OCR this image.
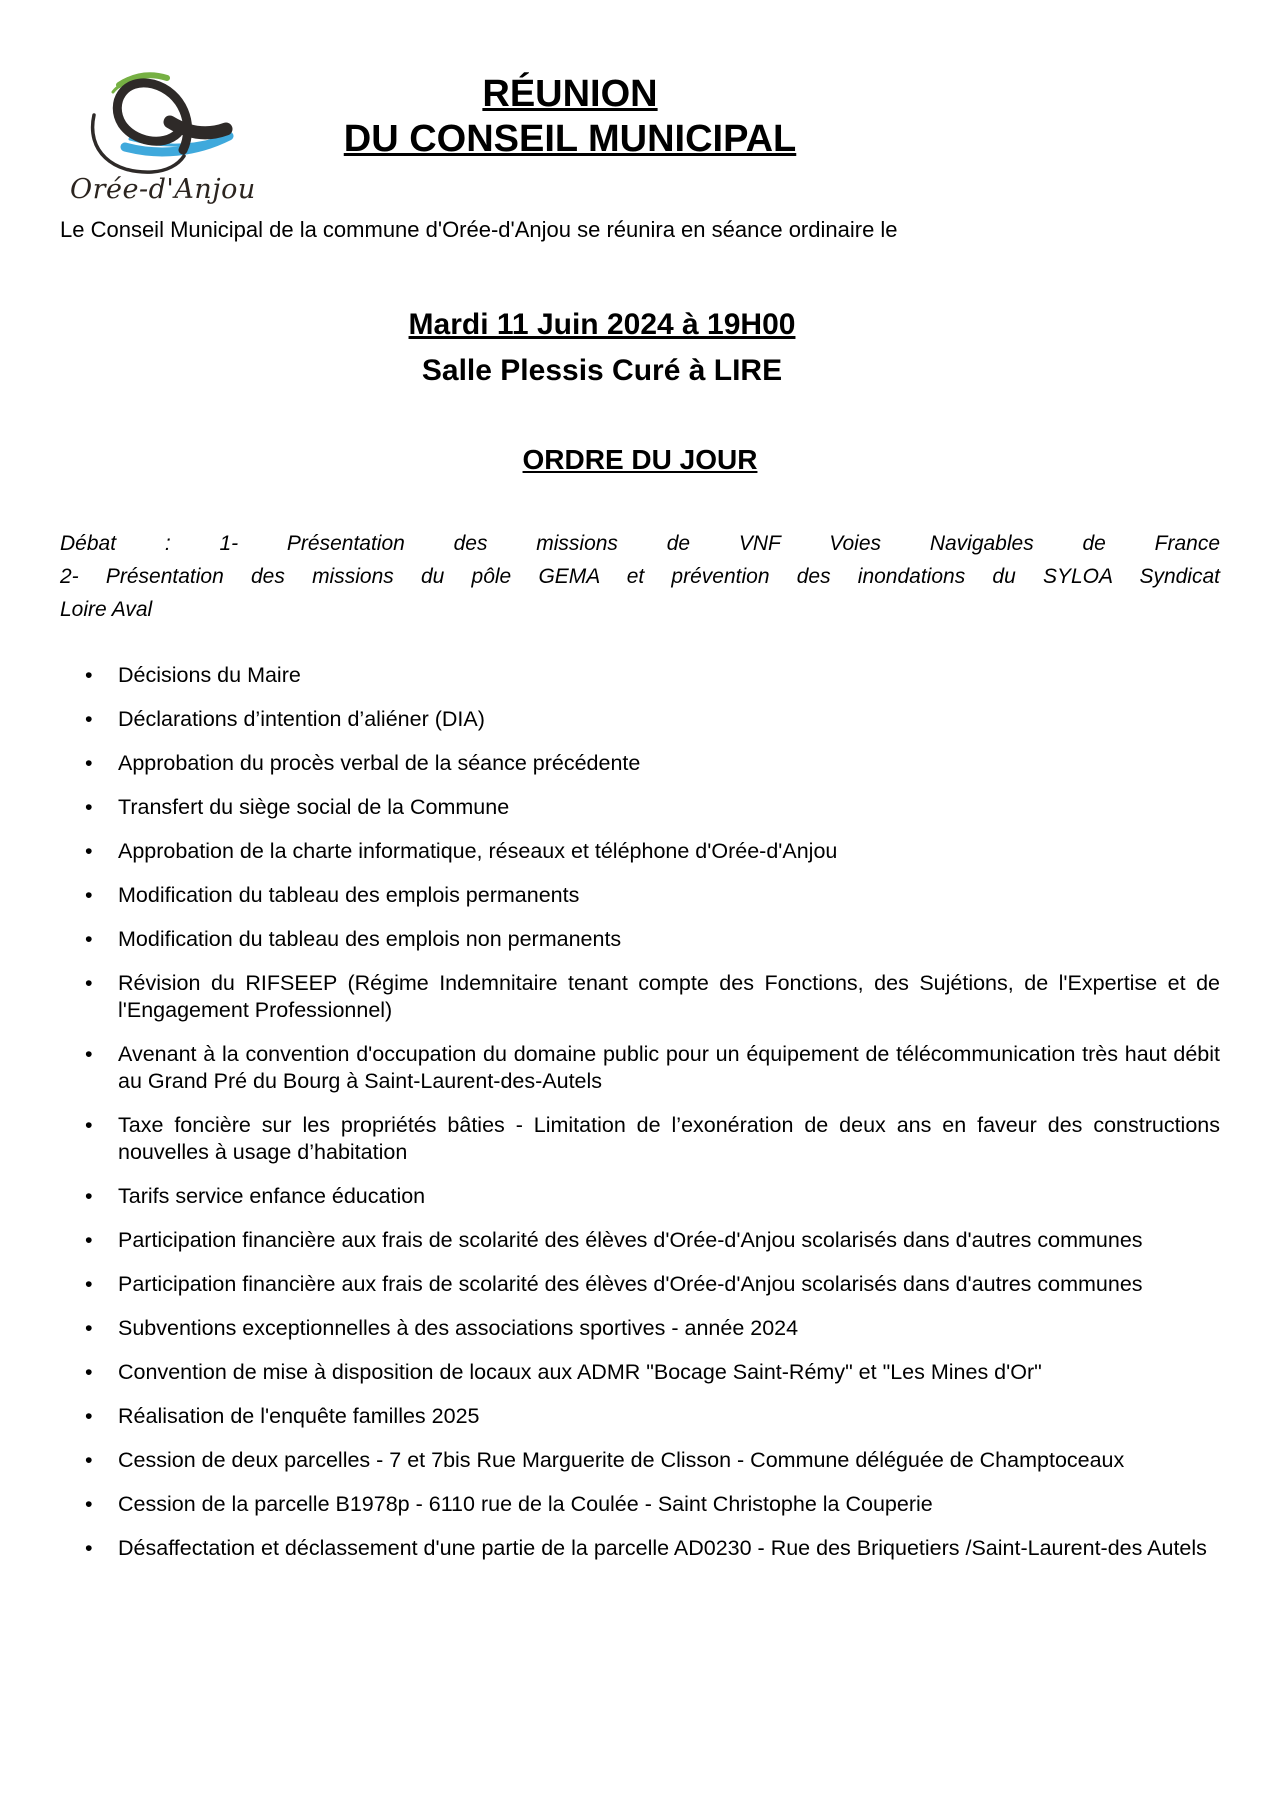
Orée-d'Anjou
RÉUNION
DU CONSEIL MUNICIPAL

Le Conseil Municipal de la commune d'Orée-d'Anjou se réunira en séance ordinaire le

Mardi 11 Juin 2024 à 19H00
Salle Plessis Curé à LIRE
ORDRE DU JOUR
Débat : 1- Présentation des missions de VNF Voies Navigables de France
2- Présentation des missions du pôle GEMA et prévention des inondations du SYLOA Syndicat
Loire Aval
• Décisions du Maire
• Déclarations d’intention d’aliéner (DIA)
• Approbation du procès verbal de la séance précédente
• Transfert du siège social de la Commune
• Approbation de la charte informatique, réseaux et téléphone d'Orée-d'Anjou
• Modification du tableau des emplois permanents
• Modification du tableau des emplois non permanents
• Révision du RIFSEEP (Régime Indemnitaire tenant compte des Fonctions, des Sujétions, de l'Expertise et de l'Engagement Professionnel)
• Avenant à la convention d'occupation du domaine public pour un équipement de télécommunication très haut débit au Grand Pré du Bourg à Saint-Laurent-des-Autels
• Taxe foncière sur les propriétés bâties - Limitation de l’exonération de deux ans en faveur des constructions nouvelles à usage d’habitation
• Tarifs service enfance éducation
• Participation financière aux frais de scolarité des élèves d'Orée-d'Anjou scolarisés dans d'autres communes
• Participation financière aux frais de scolarité des élèves d'Orée-d'Anjou scolarisés dans d'autres communes
• Subventions exceptionnelles à des associations sportives - année 2024
• Convention de mise à disposition de locaux aux ADMR "Bocage Saint-Rémy" et "Les Mines d'Or"
• Réalisation de l'enquête familles 2025
• Cession de deux parcelles - 7 et 7bis Rue Marguerite de Clisson - Commune déléguée de Champtoceaux
• Cession de la parcelle B1978p - 6110 rue de la Coulée - Saint Christophe la Couperie
• Désaffectation et déclassement d'une partie de la parcelle AD0230 - Rue des Briquetiers /Saint-Laurent-des Autels
